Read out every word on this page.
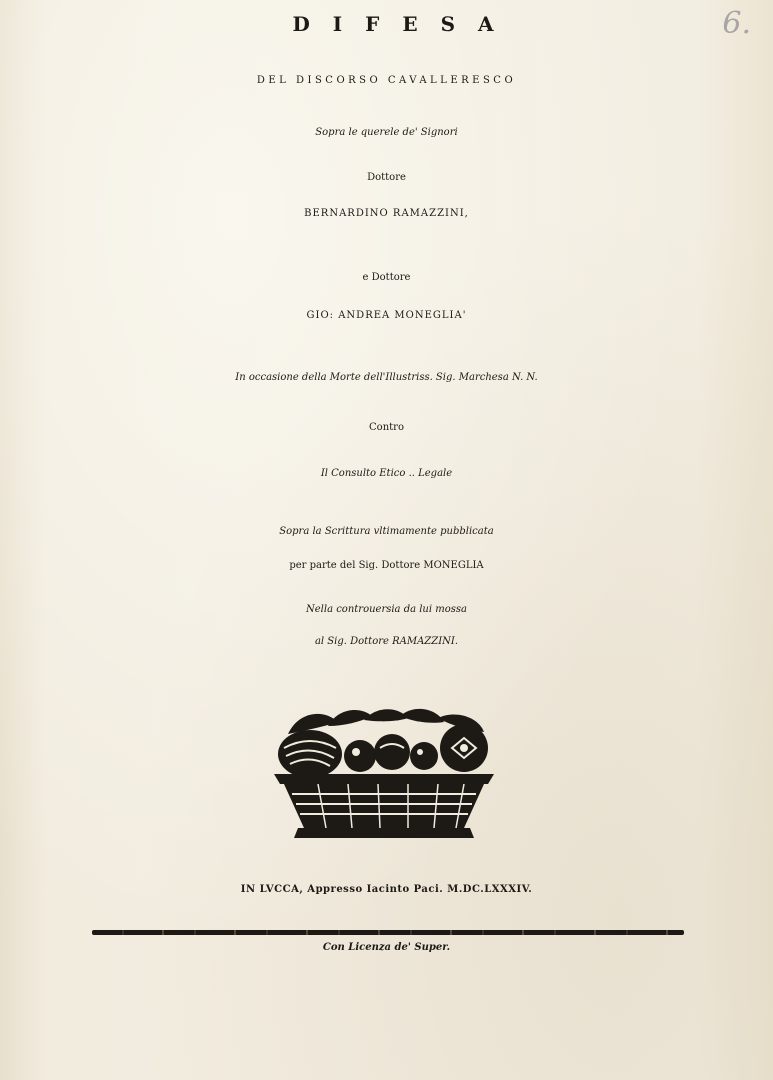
6.
DIFESA
DEL DISCORSO CAVALLERESCO
Sopra le querele de' Signori
Dottore
BERNARDINO RAMAZZINI,
e Dottore
GIO: ANDREA MONEGLIA'
In occasione della Morte dell'Illustriss. Sig. Marchesa N. N.
Contro
Il Consulto Etico .. Legale
Sopra la Scrittura vltimamente pubblicata
per parte del Sig. Dottore MONEGLIA
Nella controuersia da lui mossa
al Sig. Dottore RAMAZZINI.
IN LVCCA, Appresso Iacinto Paci. M.DC.LXXXIV.
Con Licenza de' Super.
